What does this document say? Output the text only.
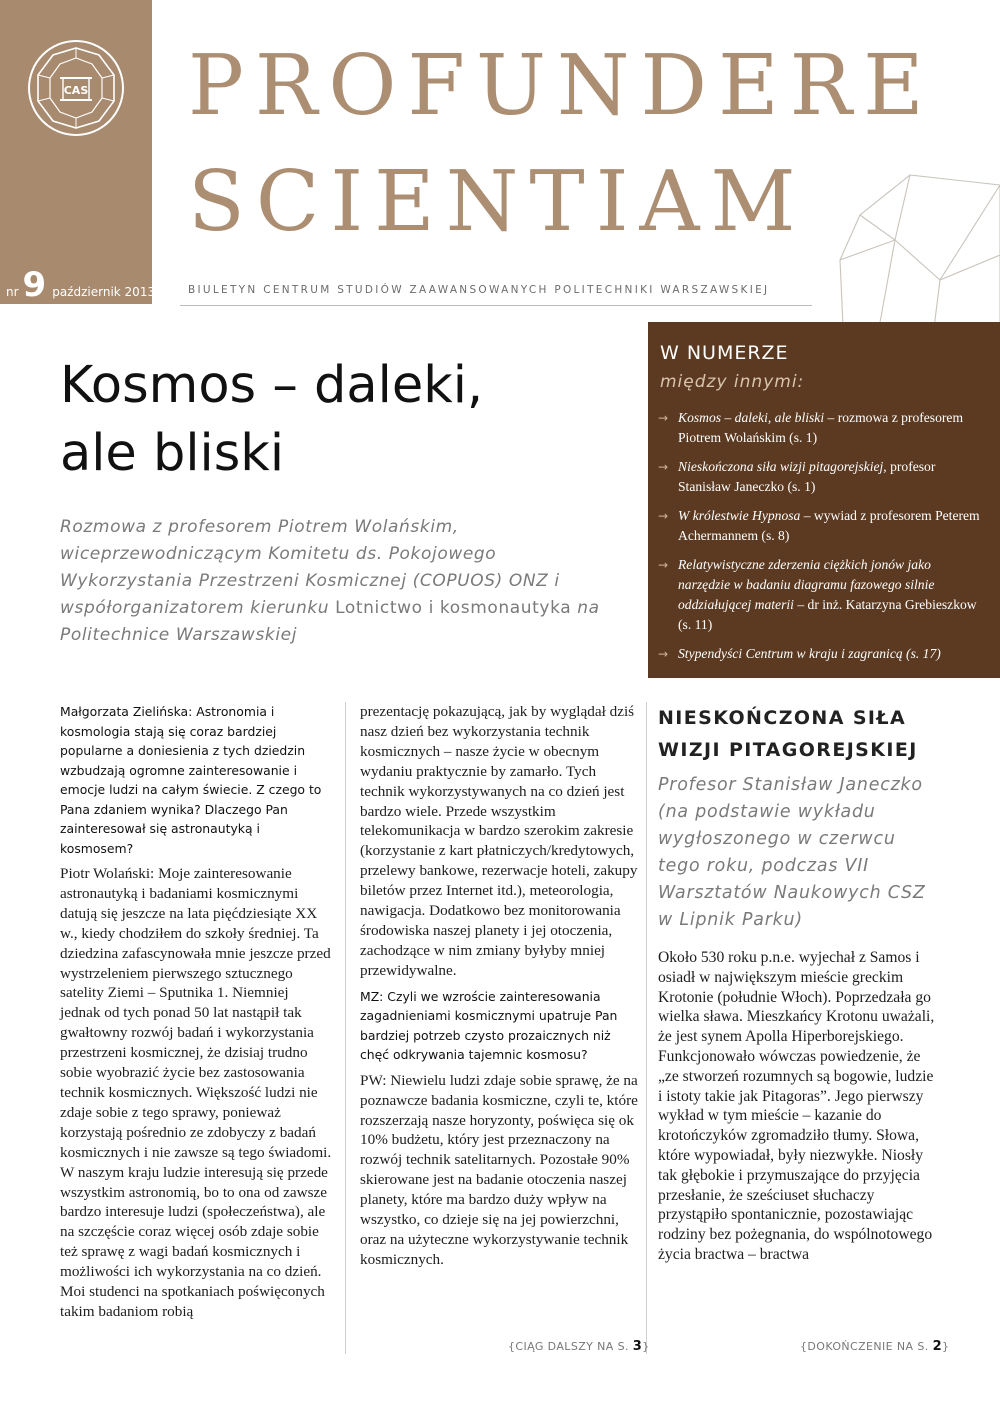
CAS
nr 9 październik 2013
PROFUNDERE
SCIENTIAM
BIULETYN CENTRUM STUDIÓW ZAAWANSOWANYCH POLITECHNIKI WARSZAWSKIEJ
Kosmos – daleki,
ale bliski
Rozmowa z profesorem Piotrem Wolańskim, wiceprzewodniczącym Komitetu ds. Pokojowego Wykorzystania Przestrzeni Kosmicznej (COPUOS) ONZ i współorganizatorem kierunku Lotnictwo i kosmonautyka na Politechnice Warszawskiej
W NUMERZE
między innymi:
→ Kosmos – daleki, ale bliski – rozmowa z profesorem Piotrem Wolańskim (s. 1)
→ Nieskończona siła wizji pitagorejskiej, profesor Stanisław Janeczko (s. 1)
→ W królestwie Hypnosa – wywiad z profesorem Peterem Achermannem (s. 8)
→ Relatywistyczne zderzenia ciężkich jonów jako narzędzie w badaniu diagramu fazowego silnie oddziałującej materii – dr inż. Katarzyna Grebieszkow (s. 11)
→ Stypendyści Centrum w kraju i zagranicą (s. 17)

Małgorzata Zielińska: Astronomia i kosmologia stają się coraz bardziej popularne a doniesienia z tych dziedzin wzbudzają ogromne zainteresowanie i emocje ludzi na całym świecie. Z czego to Pana zdaniem wynika? Dlaczego Pan zainteresował się astronautyką i kosmosem?

Piotr Wolański: Moje zainteresowanie astronautyką i badaniami kosmicznymi datują się jeszcze na lata pięćdziesiąte XX w., kiedy chodziłem do szkoły średniej. Ta dziedzina zafascynowała mnie jeszcze przed wystrzeleniem pierwszego sztucznego satelity Ziemi – Sputnika 1. Niemniej jednak od tych ponad 50 lat nastąpił tak gwałtowny rozwój badań i wykorzystania przestrzeni kosmicznej, że dzisiaj trudno sobie wyobrazić życie bez zastosowania technik kosmicznych. Większość ludzi nie zdaje sobie z tego sprawy, ponieważ korzystają pośrednio ze zdobyczy z badań kosmicznych i nie zawsze są tego świadomi. W naszym kraju ludzie interesują się przede wszystkim astronomią, bo to ona od zawsze bardzo interesuje ludzi (społeczeństwa), ale na szczęście coraz więcej osób zdaje sobie też sprawę z wagi badań kosmicznych i możliwości ich wykorzystania na co dzień. Moi studenci na spotkaniach poświęconych takim badaniom robią

prezentację pokazującą, jak by wyglądał dziś nasz dzień bez wykorzystania technik kosmicznych – nasze życie w obecnym wydaniu praktycznie by zamarło. Tych technik wykorzystywanych na co dzień jest bardzo wiele. Przede wszystkim telekomunikacja w bardzo szerokim zakresie (korzystanie z kart płatniczych/kredytowych, przelewy bankowe, rezerwacje hoteli, zakupy biletów przez Internet itd.), meteorologia, nawigacja. Dodatkowo bez monitorowania środowiska naszej planety i jej otoczenia, zachodzące w nim zmiany byłyby mniej przewidywalne.

MZ: Czyli we wzroście zainteresowania zagadnieniami kosmicznymi upatruje Pan bardziej potrzeb czysto prozaicznych niż chęć odkrywania tajemnic kosmosu?

PW: Niewielu ludzi zdaje sobie sprawę, że na poznawcze badania kosmiczne, czyli te, które rozszerzają nasze horyzonty, poświęca się ok 10% budżetu, który jest przeznaczony na rozwój technik satelitarnych. Pozostałe 90% skierowane jest na badanie otoczenia naszej planety, które ma bardzo duży wpływ na wszystko, co dzieje się na jej powierzchni, oraz na użyteczne wykorzystywanie technik kosmicznych.

{CIĄG DALSZY NA S. 3}
NIESKOŃCZONA SIŁA
WIZJI PITAGOREJSKIEJ

Profesor Stanisław Janeczko (na podstawie wykładu wygłoszonego w czerwcu tego roku, podczas VII Warsztatów Naukowych CSZ w Lipnik Parku)

Około 530 roku p.n.e. wyjechał z Samos i osiadł w największym mieście greckim Krotonie (południe Włoch). Poprzedzała go wielka sława. Mieszkańcy Krotonu uważali, że jest synem Apolla Hiperborejskiego. Funkcjonowało wówczas powiedzenie, że „ze stworzeń rozumnych są bogowie, ludzie i istoty takie jak Pitagoras”. Jego pierwszy wykład w tym mieście – kazanie do krotończyków zgromadziło tłumy. Słowa, które wypowiadał, były niezwykłe. Niosły tak głębokie i przymuszające do przyjęcia przesłanie, że sześciuset słuchaczy przystąpiło spontanicznie, pozostawiając rodziny bez pożegnania, do wspólnotowego życia bractwa – bractwa

{DOKOŃCZENIE NA S. 2}
